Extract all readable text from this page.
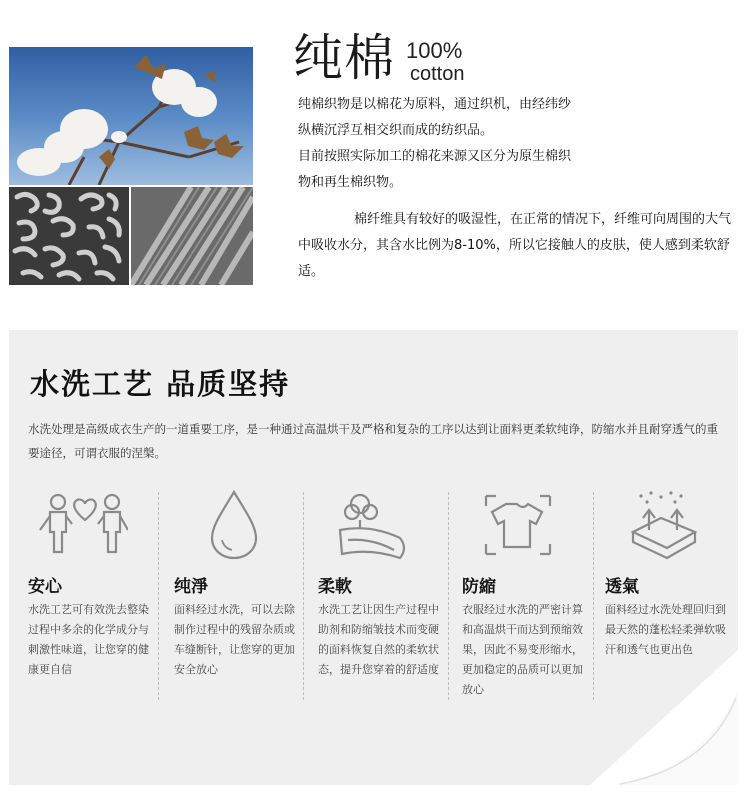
纯棉 100%
cotton
纯棉织物是以棉花为原料，通过织机，由经纬纱
纵横沉浮互相交织而成的纺织品。
目前按照实际加工的棉花来源又区分为原生棉织
物和再生棉织物。
棉纤维具有较好的吸湿性，在正常的情况下，纤维可向周围的大气中吸收水分，其含水比例为8-10%，所以它接触人的皮肤，使人感到柔软舒适。
水洗工艺 品质坚持
水洗处理是高级成衣生产的一道重要工序，是一种通过高温烘干及严格和复杂的工序以达到让面料更柔软纯诤，防缩水并且耐穿透气的重要途径，可谓衣服的涅槃。
安心
水洗工艺可有效洗去整染过程中多余的化学成分与刺激性味道，让您穿的健康更自信
纯淨
面料经过水洗，可以去除制作过程中的残留杂质或车缝断针，让您穿的更加安全放心
柔軟
水洗工艺让因生产过程中助剂和防缩皱技术而变硬的面料恢复自然的柔软状态，提升您穿着的舒适度
防縮
衣服经过水洗的严密计算和高温烘干而达到预缩效果，因此不易变形缩水，更加稳定的品质可以更加放心
透氣
面料经过水洗处理回归到最天然的蓬松轻柔弹软吸汗和透气也更出色
